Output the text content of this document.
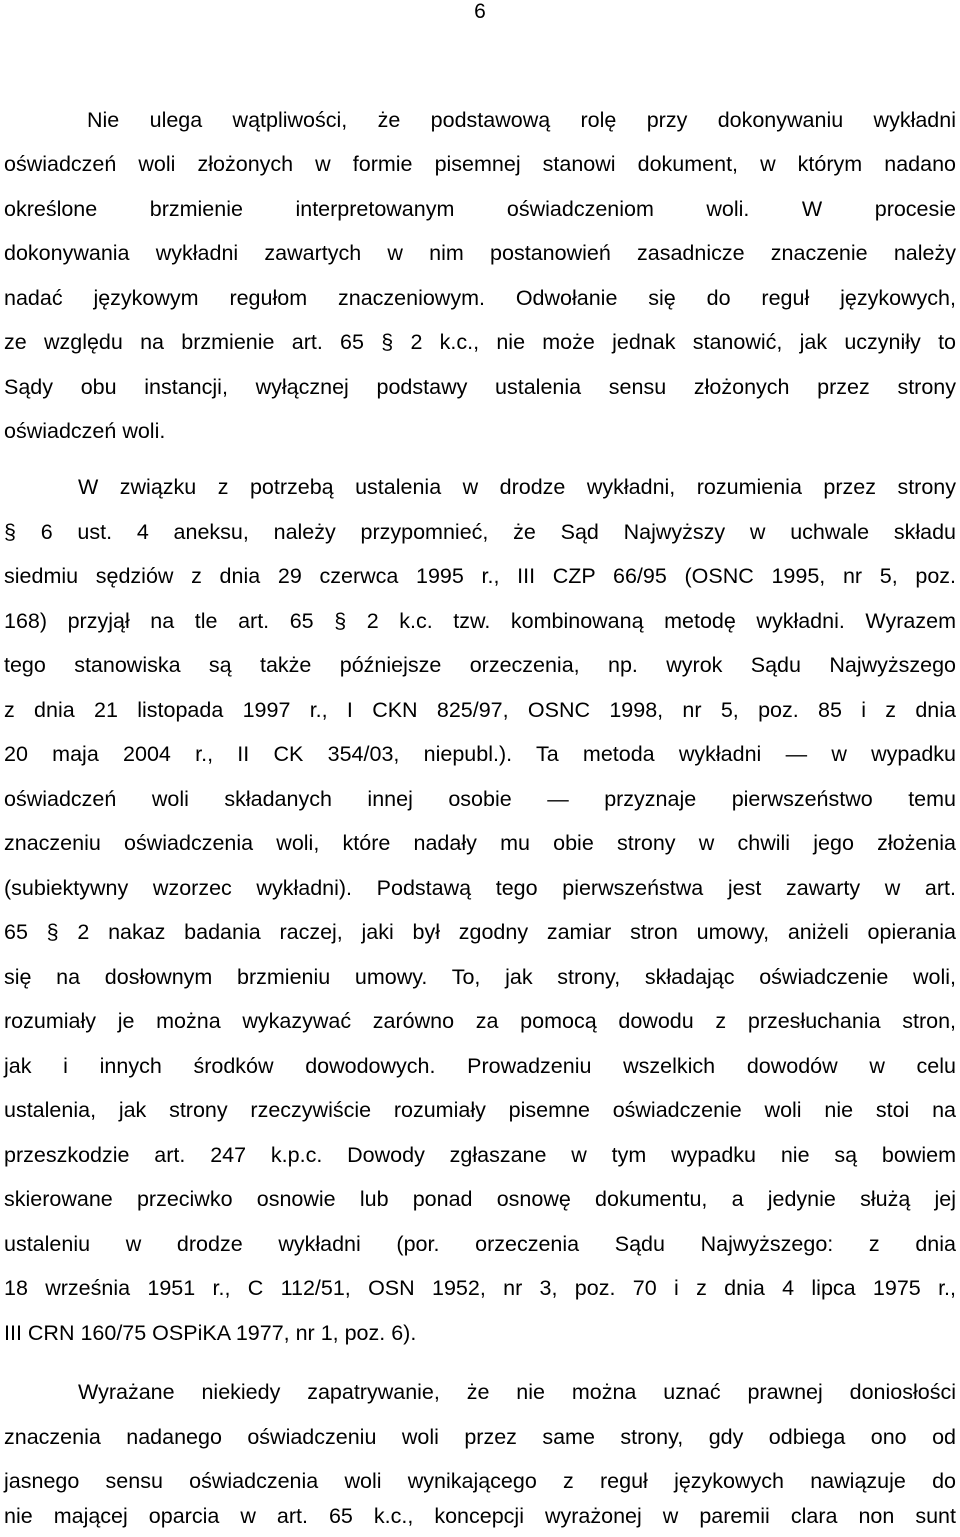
6
Nie ulega wątpliwości, że podstawową rolę przy dokonywaniu wykładni
oświadczeń woli złożonych w formie pisemnej stanowi dokument, w którym nadano
określone brzmienie interpretowanym oświadczeniom woli. W procesie
dokonywania wykładni zawartych w nim postanowień zasadnicze znaczenie należy
nadać językowym regułom znaczeniowym. Odwołanie się do reguł językowych,
ze względu na brzmienie art. 65 § 2 k.c., nie może jednak stanowić, jak uczyniły to
Sądy obu instancji, wyłącznej podstawy ustalenia sensu złożonych przez strony
oświadczeń woli.
W związku z potrzebą ustalenia w drodze wykładni, rozumienia przez strony
§ 6 ust. 4 aneksu, należy przypomnieć, że Sąd Najwyższy w uchwale składu
siedmiu sędziów z dnia 29 czerwca 1995 r., III CZP 66/95 (OSNC 1995, nr 5, poz.
168) przyjął na tle art. 65 § 2 k.c. tzw. kombinowaną metodę wykładni. Wyrazem
tego stanowiska są także późniejsze orzeczenia, np. wyrok Sądu Najwyższego
z dnia 21 listopada 1997 r., I CKN 825/97, OSNC 1998, nr 5, poz. 85 i z dnia
20 maja 2004 r., II CK 354/03, niepubl.). Ta metoda wykładni — w wypadku
oświadczeń woli składanych innej osobie — przyznaje pierwszeństwo temu
znaczeniu oświadczenia woli, które nadały mu obie strony w chwili jego złożenia
(subiektywny wzorzec wykładni). Podstawą tego pierwszeństwa jest zawarty w art.
65 § 2 nakaz badania raczej, jaki był zgodny zamiar stron umowy, aniżeli opierania
się na dosłownym brzmieniu umowy. To, jak strony, składając oświadczenie woli,
rozumiały je można wykazywać zarówno za pomocą dowodu z przesłuchania stron,
jak i innych środków dowodowych. Prowadzeniu wszelkich dowodów w celu
ustalenia, jak strony rzeczywiście rozumiały pisemne oświadczenie woli nie stoi na
przeszkodzie art. 247 k.p.c. Dowody zgłaszane w tym wypadku nie są bowiem
skierowane przeciwko osnowie lub ponad osnowę dokumentu, a jedynie służą jej
ustaleniu w drodze wykładni (por. orzeczenia Sądu Najwyższego: z dnia
18 września 1951 r., C 112/51, OSN 1952, nr 3, poz. 70 i z dnia 4 lipca 1975 r.,
III CRN 160/75 OSPiKA 1977, nr 1, poz. 6).
Wyrażane niekiedy zapatrywanie, że nie można uznać prawnej doniosłości
znaczenia nadanego oświadczeniu woli przez same strony, gdy odbiega ono od
jasnego sensu oświadczenia woli wynikającego z reguł językowych nawiązuje do
nie mającej oparcia w art. 65 k.c., koncepcji wyrażonej w paremii clara non sunt
